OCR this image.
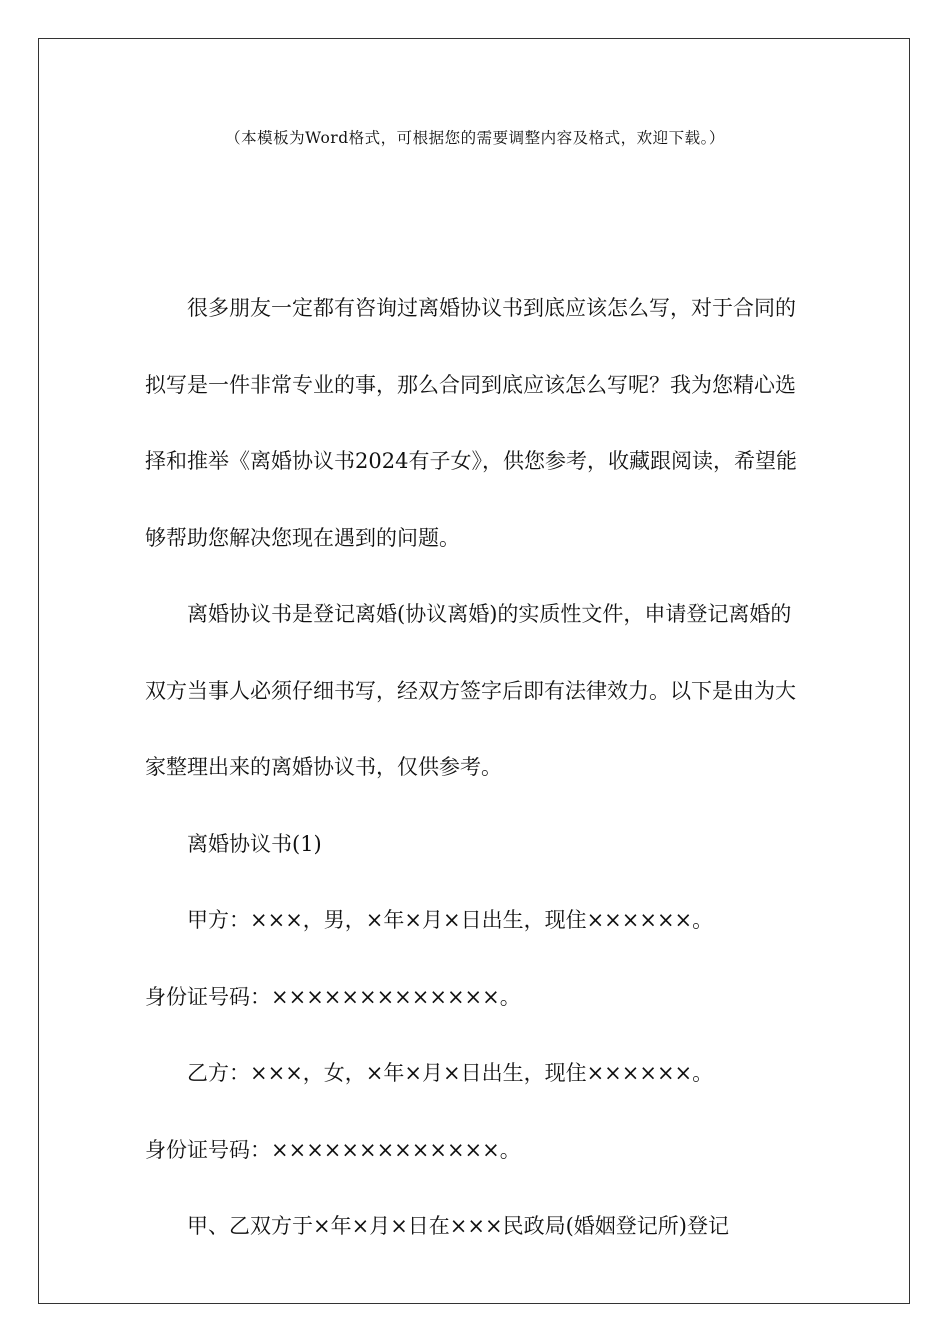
（本模板为Word格式，可根据您的需要调整内容及格式，欢迎下载。）

很多朋友一定都有咨询过离婚协议书到底应该怎么写，对于合同的拟写是一件非常专业的事，那么合同到底应该怎么写呢？我为您精心选择和推举《离婚协议书2024有子女》，供您参考，收藏跟阅读，希望能够帮助您解决您现在遇到的问题。

离婚协议书是登记离婚(协议离婚)的实质性文件，申请登记离婚的双方当事人必须仔细书写，经双方签字后即有法律效力。以下是由为大家整理出来的离婚协议书，仅供参考。

离婚协议书(1)

甲方：×××，男，×年×月×日出生，现住××××××。

身份证号码：×××××××××××××。

乙方：×××，女，×年×月×日出生，现住××××××。

身份证号码：×××××××××××××。

甲、乙双方于×年×月×日在×××民政局(婚姻登记所)登记
